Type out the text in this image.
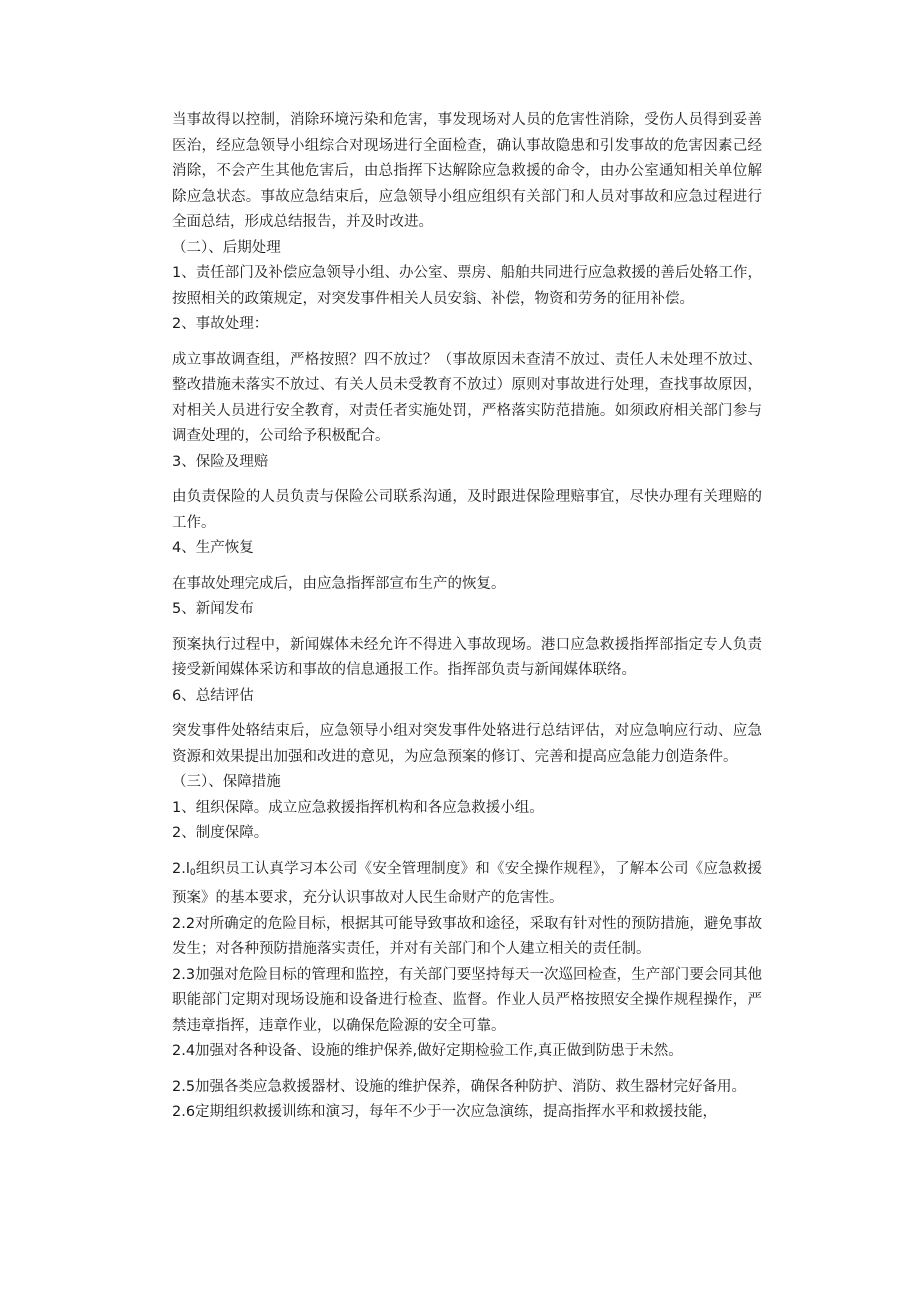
当事故得以控制，消除环境污染和危害，事发现场对人员的危害性消除，受伤人员得到妥善医治，经应急领导小组综合对现场进行全面检查，确认事故隐患和引发事故的危害因素己经消除，不会产生其他危害后，由总指挥下达解除应急救援的命令，由办公室通知相关单位解除应急状态。事故应急结束后，应急领导小组应组织有关部门和人员对事故和应急过程进行全面总结，形成总结报告，并及时改进。

（二）、后期处理

1、责任部门及补偿应急领导小组、办公室、票房、船舶共同进行应急救援的善后处辂工作，按照相关的政策规定，对突发事件相关人员安翁、补偿，物资和劳务的征用补偿。

2、事故处理：

成立事故调查组，严格按照？四不放过？（事故原因未查清不放过、责任人未处理不放过、整改措施未落实不放过、有关人员未受教育不放过）原则对事故进行处理，查找事故原因，对相关人员进行安全教育，对责任者实施处罚，严格落实防范措施。如须政府相关部门参与调查处理的，公司给予积极配合。

3、保险及理赔

由负责保险的人员负责与保险公司联系沟通，及时跟进保险理赔事宜，尽快办理有关理赔的工作。

4、生产恢复

在事故处理完成后，由应急指挥部宣布生产的恢复。

5、新闻发布

预案执行过程中，新闻媒体未经允许不得进入事故现场。港口应急救援指挥部指定专人负责接受新闻媒体采访和事故的信息通报工作。指挥部负责与新闻媒体联络。

6、总结评估

突发事件处辂结束后，应急领导小组对突发事件处辂进行总结评估，对应急响应行动、应急资源和效果提出加强和改进的意见，为应急预案的修订、完善和提高应急能力创造条件。

（三）、保障措施

1、组织保障。成立应急救援指挥机构和各应急救援小组。

2、制度保障。

$2.l_0$组织员工认真学习本公司《安全管理制度》和《安全操作规程》，了解本公司《应急救援预案》的基本要求，充分认识事故对人民生命财产的危害性。

2.2对所确定的危险目标，根据其可能导致事故和途径，采取有针对性的预防措施，避免事故发生；对各种预防措施落实责任，并对有关部门和个人建立相关的责任制。

2.3加强对危险目标的管理和监控，有关部门要坚持每天一次巡回检查，生产部门要会同其他职能部门定期对现场设施和设备进行检查、监督。作业人员严格按照安全操作规程操作，严禁违章指挥，违章作业，以确保危险源的安全可靠。

2.4加强对各种设备、设施的维护保养,做好定期检验工作,真正做到防患于未然。

2.5加强各类应急救援器材、设施的维护保养，确保各种防护、消防、救生器材完好备用。

2.6定期组织救援训练和演习，每年不少于一次应急演练，提高指挥水平和救援技能，
